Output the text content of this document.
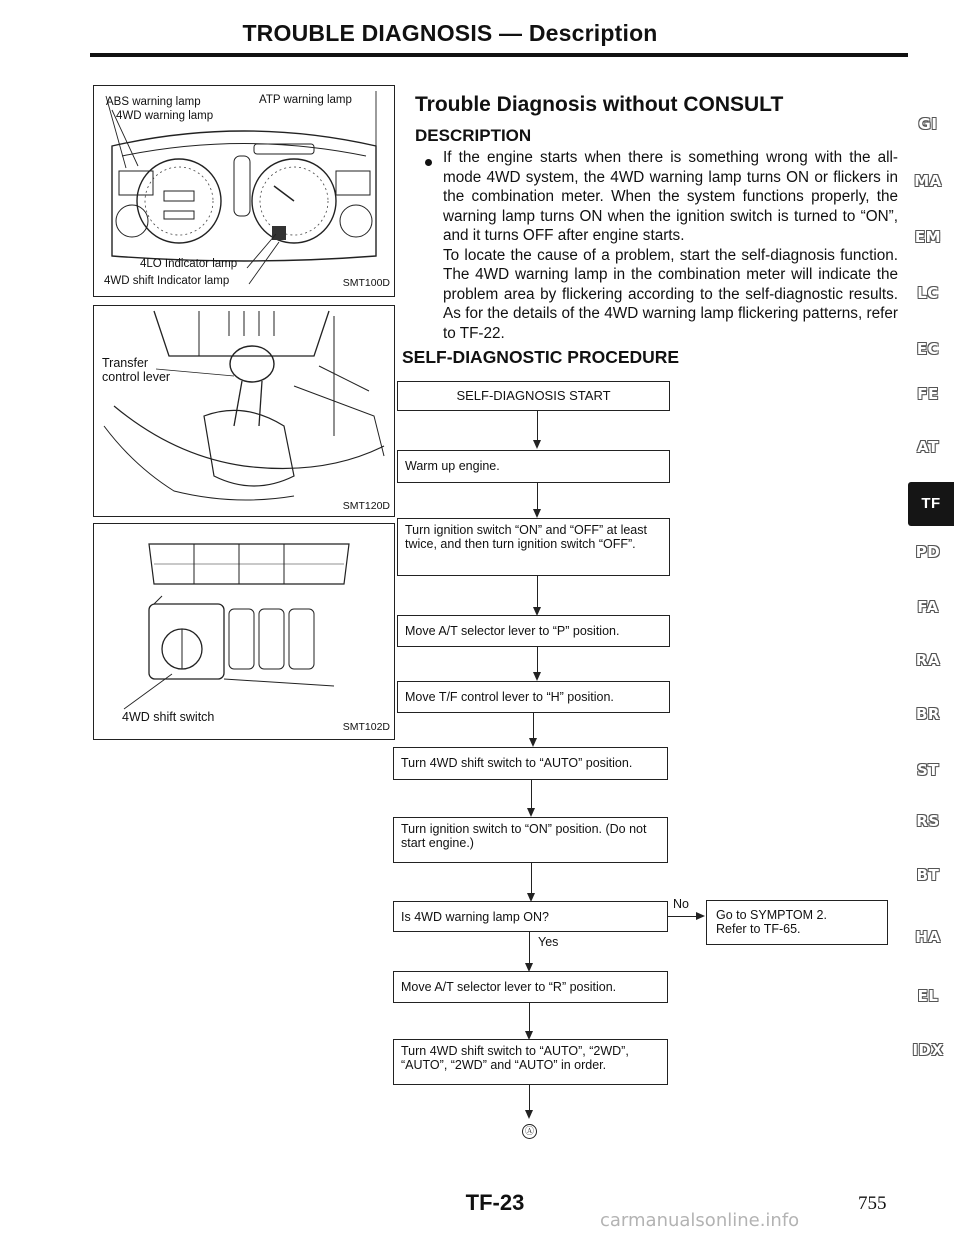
TROUBLE DIAGNOSIS — Description
ABS warning lamp	ATP warning lamp
4WD warning lamp
4LO Indicator lamp
4WD shift Indicator lamp	SMT100D
Transfer
control lever
SMT120D
4WD shift switch
SMT102D
Trouble Diagnosis without CONSULT
DESCRIPTION

If the engine starts when there is something wrong with the all-mode 4WD system, the 4WD warning lamp turns ON or flickers in the combination meter. When the system functions properly, the warning lamp turns ON when the ignition switch is turned to “ON”, and it turns OFF after engine starts.

To locate the cause of a problem, start the self-diagnosis function. The 4WD warning lamp in the combination meter will indicate the problem area by flickering according to the self-diagnostic results. As for the details of the 4WD warning lamp flickering patterns, refer to TF-22.

SELF-DIAGNOSTIC PROCEDURE
SELF-DIAGNOSIS START
Warm up engine.
Turn ignition switch “ON” and “OFF” at least twice, and then turn ignition switch “OFF”.
Move A/T selector lever to “P” position.
Move T/F control lever to “H” position.
Turn 4WD shift switch to “AUTO” position.
Turn ignition switch to “ON” position. (Do not start engine.)
Is 4WD warning lamp ON?
No
Go to SYMPTOM 2. Refer to TF-65.
Yes
Move A/T selector lever to “R” position.
Turn 4WD shift switch to “AUTO”, “2WD”, “AUTO”, “2WD” and “AUTO” in order.
Ⓐ
GI
MA
EM
LC
EC
FE
AT
TF
PD
FA
RA
BR
ST
RS
BT
HA
EL
IDX
TF-23	755
carmanualsonline.info
